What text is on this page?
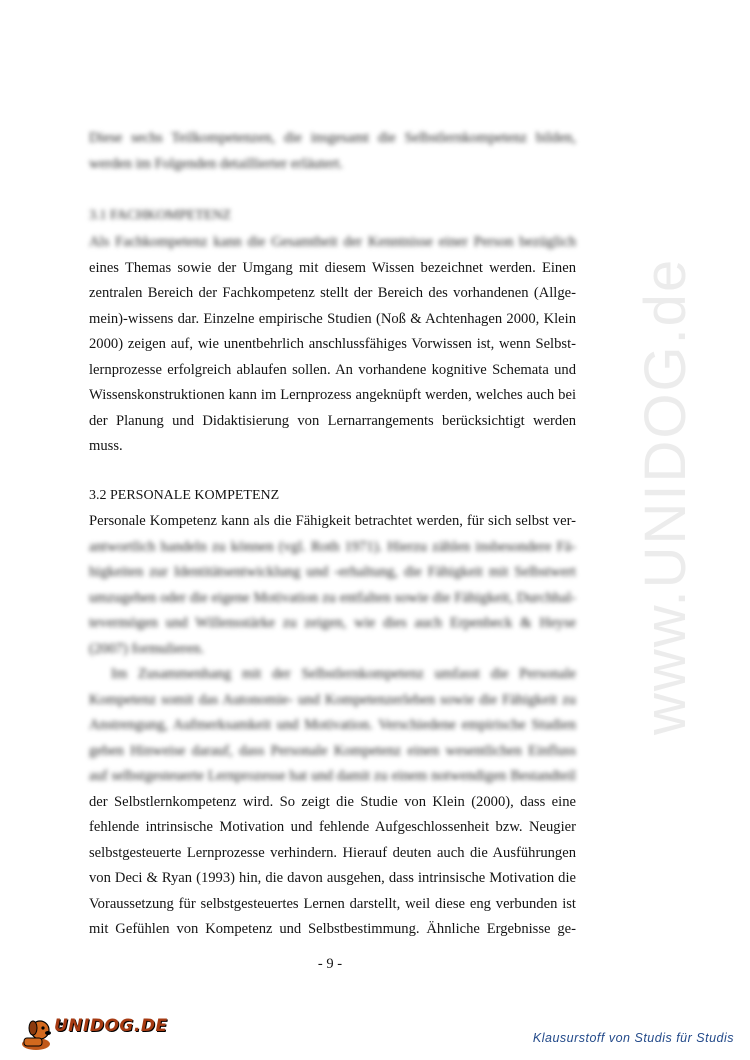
www.UNIDOG.de
Diese sechs Teilkompetenzen, die insgesamt die Selbstlernkompetenz bilden,
werden im Folgenden detaillierter erläutert.
3.1 FACHKOMPETENZ
Als Fachkompetenz kann die Gesamtheit der Kenntnisse einer Person bezüglich
eines Themas sowie der Umgang mit diesem Wissen bezeichnet werden. Einen
zentralen Bereich der Fachkompetenz stellt der Bereich des vorhandenen (Allge-
mein)-wissens dar. Einzelne empirische Studien (Noß & Achtenhagen 2000, Klein
2000) zeigen auf, wie unentbehrlich anschlussfähiges Vorwissen ist, wenn Selbst-
lernprozesse erfolgreich ablaufen sollen. An vorhandene kognitive Schemata und
Wissenskonstruktionen kann im Lernprozess angeknüpft werden, welches auch bei
der Planung und Didaktisierung von Lernarrangements berücksichtigt werden
muss.
3.2 PERSONALE KOMPETENZ
Personale Kompetenz kann als die Fähigkeit betrachtet werden, für sich selbst ver-
antwortlich handeln zu können (vgl. Roth 1971). Hierzu zählen insbesondere Fä-
higkeiten zur Identitätsentwicklung und -erhaltung, die Fähigkeit mit Selbstwert
umzugehen oder die eigene Motivation zu entfalten sowie die Fähigkeit, Durchhal-
tevermögen und Willensstärke zu zeigen, wie dies auch Erpenbeck & Heyse
(2007) formulieren.
Im Zusammenhang mit der Selbstlernkompetenz umfasst die Personale
Kompetenz somit das Autonomie- und Kompetenzerleben sowie die Fähigkeit zu
Anstrengung, Aufmerksamkeit und Motivation. Verschiedene empirische Studien
geben Hinweise darauf, dass Personale Kompetenz einen wesentlichen Einfluss
auf selbstgesteuerte Lernprozesse hat und damit zu einem notwendigen Bestandteil
der Selbstlernkompetenz wird. So zeigt die Studie von Klein (2000), dass eine
fehlende intrinsische Motivation und fehlende Aufgeschlossenheit bzw. Neugier
selbstgesteuerte Lernprozesse verhindern. Hierauf deuten auch die Ausführungen
von Deci & Ryan (1993) hin, die davon ausgehen, dass intrinsische Motivation die
Voraussetzung für selbstgesteuertes Lernen darstellt, weil diese eng verbunden ist
mit Gefühlen von Kompetenz und Selbstbestimmung. Ähnliche Ergebnisse ge-
- 9 -
UNIDOG.DE
Klausurstoff von Studis für Studis
